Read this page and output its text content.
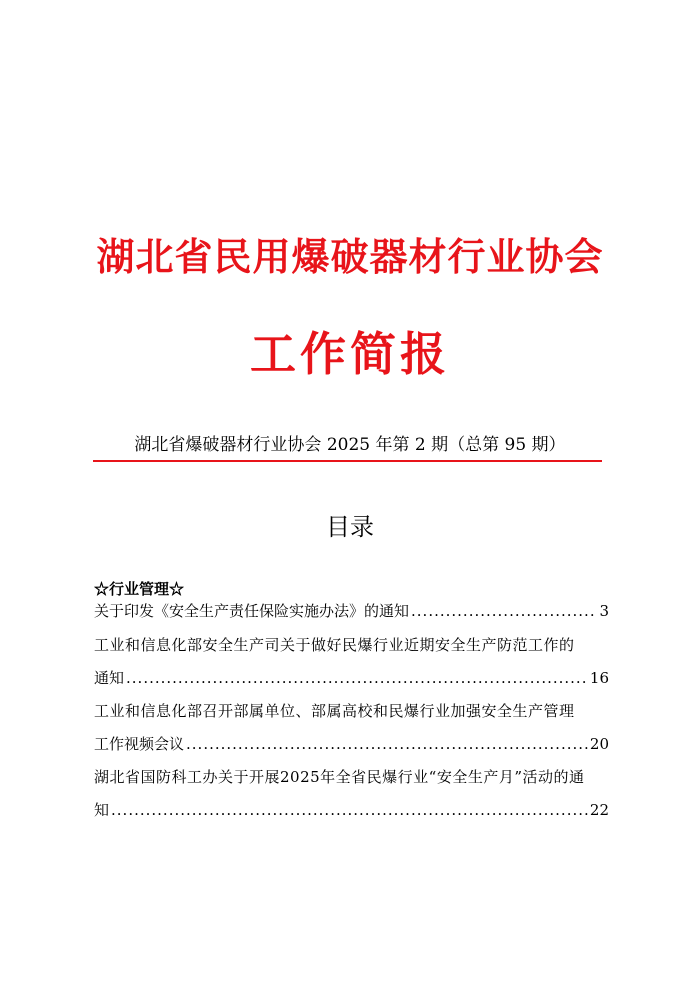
湖北省民用爆破器材行业协会
工作简报
湖北省爆破器材行业协会 2025 年第 2 期（总第 95 期）
目录
☆行业管理☆
关于印发《安全生产责任保险实施办法》的通知 .....	3
工业和信息化部安全生产司关于做好民爆行业近期安全生产防范工作的
通知 .....	16
工业和信息化部召开部属单位、部属高校和民爆行业加强安全生产管理
工作视频会议 .....	20
湖北省国防科工办关于开展2025年全省民爆行业“安全生产月”活动的通
知 .....	22
